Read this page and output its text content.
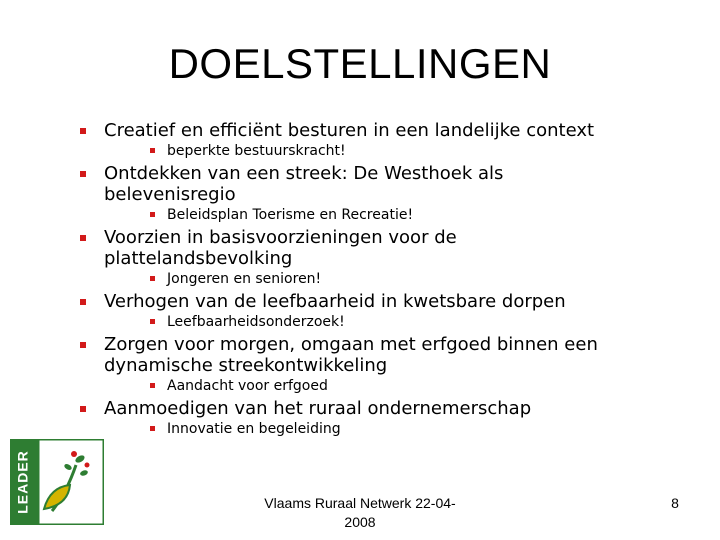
DOELSTELLINGEN
Creatief en efficiënt besturen in een landelijke context
beperkte bestuurskracht!
Ontdekken van een streek: De Westhoek als belevenisregio
Beleidsplan Toerisme en Recreatie!
Voorzien in basisvoorzieningen voor de plattelandsbevolking
Jongeren en senioren!
Verhogen van de leefbaarheid in kwetsbare dorpen
Leefbaarheidsonderzoek!
Zorgen voor morgen, omgaan met erfgoed binnen een dynamische streekontwikkeling
Aandacht voor erfgoed
Aanmoedigen van het ruraal ondernemerschap
Innovatie en begeleiding
LEADER	Vlaams Ruraal Netwerk 22-04-2008
8
